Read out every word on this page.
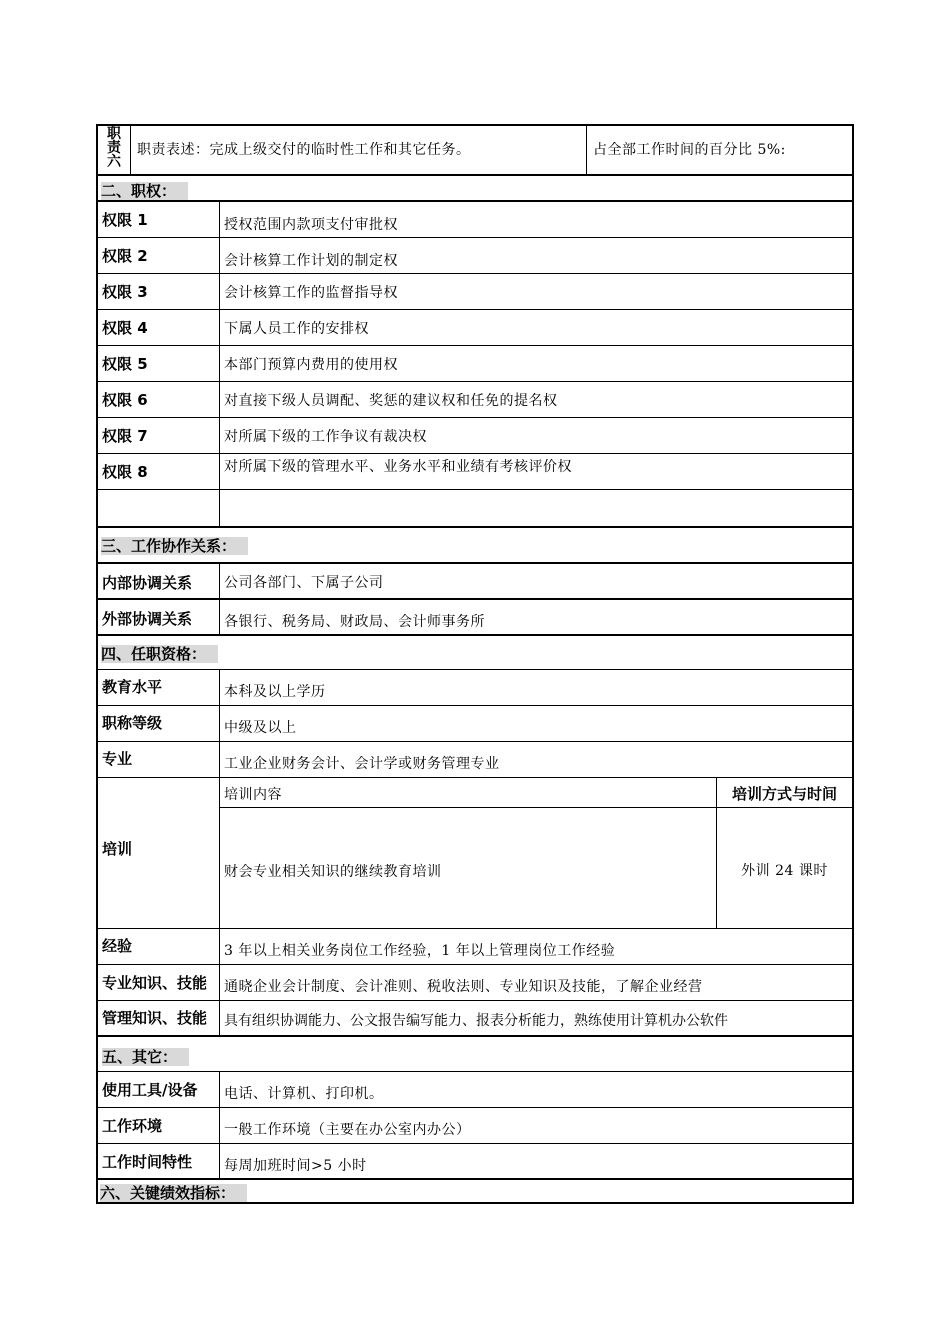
职责六
职责表述：完成上级交付的临时性工作和其它任务。	占全部工作时间的百分比 5%:
二、职权：
权限 1	授权范围内款项支付审批权
权限 2	会计核算工作计划的制定权
权限 3	会计核算工作的监督指导权
权限 4	下属人员工作的安排权
权限 5	本部门预算内费用的使用权
权限 6	对直接下级人员调配、奖惩的建议权和任免的提名权
权限 7	对所属下级的工作争议有裁决权
权限 8	对所属下级的管理水平、业务水平和业绩有考核评价权
三、工作协作关系：
内部协调关系	公司各部门、下属子公司
外部协调关系	各银行、税务局、财政局、会计师事务所
四、任职资格：
教育水平	本科及以上学历
职称等级	中级及以上
专业	工业企业财务会计、会计学或财务管理专业
培训
培训内容	培训方式与时间
财会专业相关知识的继续教育培训	外训 24 课时
经验	3 年以上相关业务岗位工作经验，1 年以上管理岗位工作经验
专业知识、技能	通晓企业会计制度、会计准则、税收法则、专业知识及技能，了解企业经营
管理知识、技能	具有组织协调能力、公文报告编写能力、报表分析能力，熟练使用计算机办公软件
五、其它：
使用工具/设备	电话、计算机、打印机。
工作环境	一般工作环境（主要在办公室内办公）
工作时间特性	每周加班时间>5 小时
六、关键绩效指标：
